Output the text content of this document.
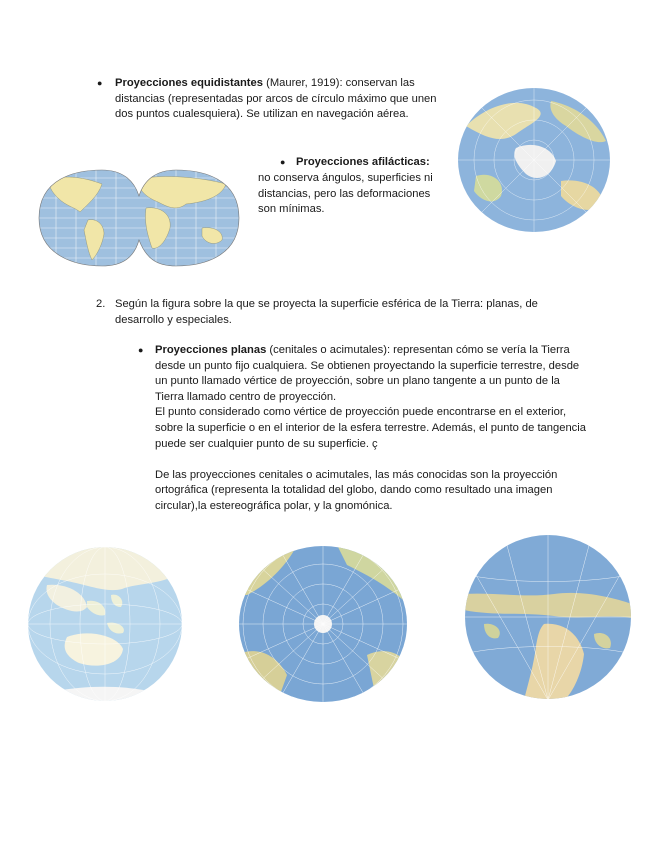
● Proyecciones equidistantes (Maurer, 1919): conservan las distancias (representadas por arcos de círculo máximo que unen dos puntos cualesquiera). Se utilizan en navegación aérea.

● Proyecciones afilácticas:

no conserva ángulos, superficies ni distancias, pero las deformaciones son mínimas.

2. Según la figura sobre la que se proyecta la superficie esférica de la Tierra: planas, de desarrollo y especiales.

● Proyecciones planas (cenitales o acimutales): representan cómo se vería la Tierra desde un punto fijo cualquiera. Se obtienen proyectando la superficie terrestre, desde un punto llamado vértice de proyección, sobre un plano tangente a un punto de la Tierra llamado centro de proyección.

El punto considerado como vértice de proyección puede encontrarse en el exterior, sobre la superficie o en el interior de la esfera terrestre. Además, el punto de tangencia puede ser cualquier punto de su superficie. ç

De las proyecciones cenitales o acimutales, las más conocidas son la proyección ortográfica (representa la totalidad del globo, dando como resultado una imagen circular),la estereográfica polar, y la gnomónica.
